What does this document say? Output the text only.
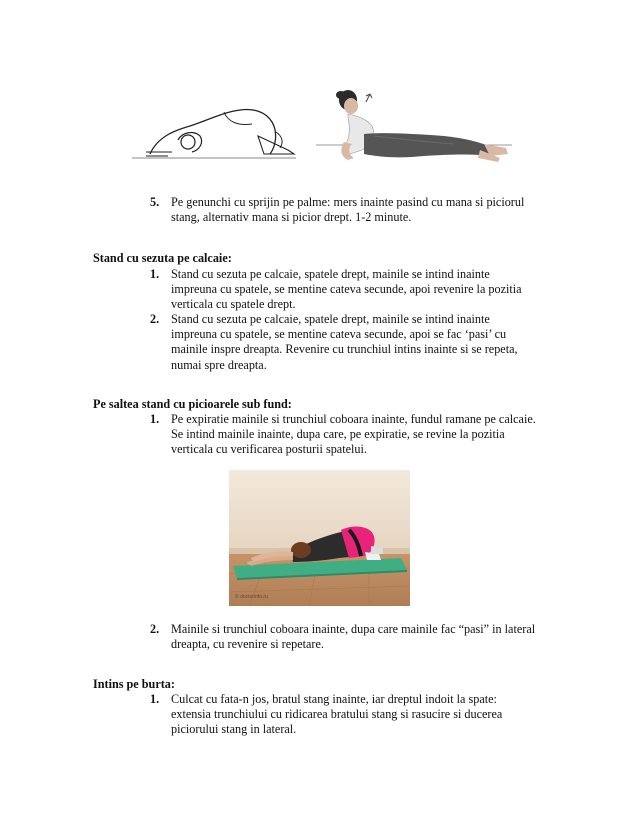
5. Pe genunchi cu sprijin pe palme: mers inainte pasind cu mana si piciorul
stang, alternativ mana si picior drept. 1-2 minute.
Stand cu sezuta pe calcaie:
1. Stand cu sezuta pe calcaie, spatele drept, mainile se intind inainte
impreuna cu spatele, se mentine cateva secunde, apoi revenire la pozitia
verticala cu spatele drept.
2. Stand cu sezuta pe calcaie, spatele drept, mainile se intind inainte
impreuna cu spatele, se mentine cateva secunde, apoi se fac ‘pasi’ cu
mainile inspre dreapta. Revenire cu trunchiul intins inainte si se repeta,
numai spre dreapta.
Pe saltea stand cu picioarele sub fund:
1. Pe expiratie mainile si trunchiul coboara inainte, fundul ramane pe calcaie.
Se intind mainile inainte, dupa care, pe expiratie, se revine la pozitia
verticala cu verificarea posturii spatelui.
© doctorinfo.ru
2. Mainile si trunchiul coboara inainte, dupa care mainile fac “pasi” in lateral
dreapta, cu revenire si repetare.
Intins pe burta:
1. Culcat cu fata-n jos, bratul stang inainte, iar dreptul indoit la spate:
extensia trunchiului cu ridicarea bratului stang si rasucire si ducerea
piciorului stang in lateral.
